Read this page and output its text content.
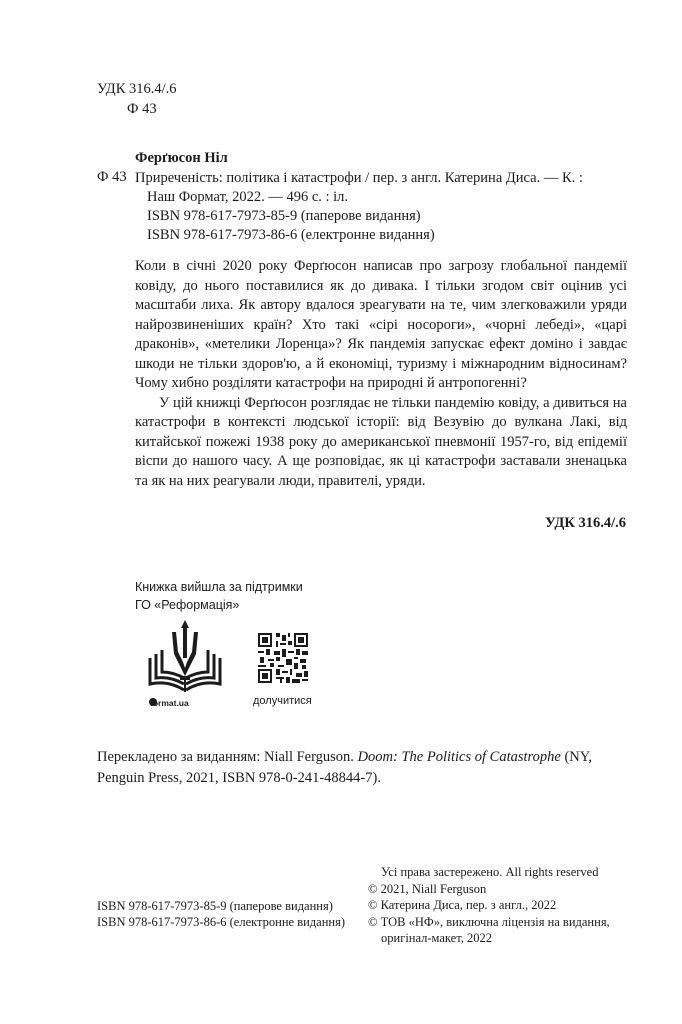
УДК 316.4/.6
Ф 43
Ферґюсон Ніл
Ф 43 Приреченість: політика і катастрофи / пер. з англ. Катерина Диса. — К. :
Наш Формат, 2022. — 496 с. : іл.
ISBN 978-617-7973-85-9 (паперове видання)
ISBN 978-617-7973-86-6 (електронне видання)

Коли в січні 2020 року Ферґюсон написав про загрозу глобальної пандемії ковіду, до нього поставилися як до дивака. І тільки згодом світ оцінив усі масштаби лиха. Як автору вдалося зреагувати на те, чим злегковажили уряди найрозвиненіших країн? Хто такі «сірі носороги», «чорні лебеді», «царі драконів», «метелики Лоренца»? Як пандемія запускає ефект доміно і завдає шкоди не тільки здоров'ю, а й економіці, туризму і міжнародним відносинам? Чому хибно розділяти катастрофи на природні й антропогенні?

У цій книжці Ферґюсон розглядає не тільки пандемію ковіду, а дивиться на катастрофи в контексті людської історії: від Везувію до вулкана Лакі, від китайської пожежі 1938 року до американської пневмонії 1957-го, від епідемії віспи до нашого часу. А ще розповідає, як ці катастрофи заставали зненацька та як на них реагували люди, правителі, уряди.

УДК 316.4/.6
Книжка вийшла за підтримки
ГО «Реформація»
format.ua	долучитися
Перекладено за виданням: Niall Ferguson. Doom: The Politics of Catastrophe (NY, Penguin Press, 2021, ISBN 978-0-241-48844-7).
ISBN 978-617-7973-85-9 (паперове видання)
ISBN 978-617-7973-86-6 (електронне видання)
Усі права застережено. All rights reserved
© 2021, Niall Ferguson
© Катерина Диса, пер. з англ., 2022
© ТОВ «НФ», виключна ліцензія на видання,
оригінал-макет, 2022
